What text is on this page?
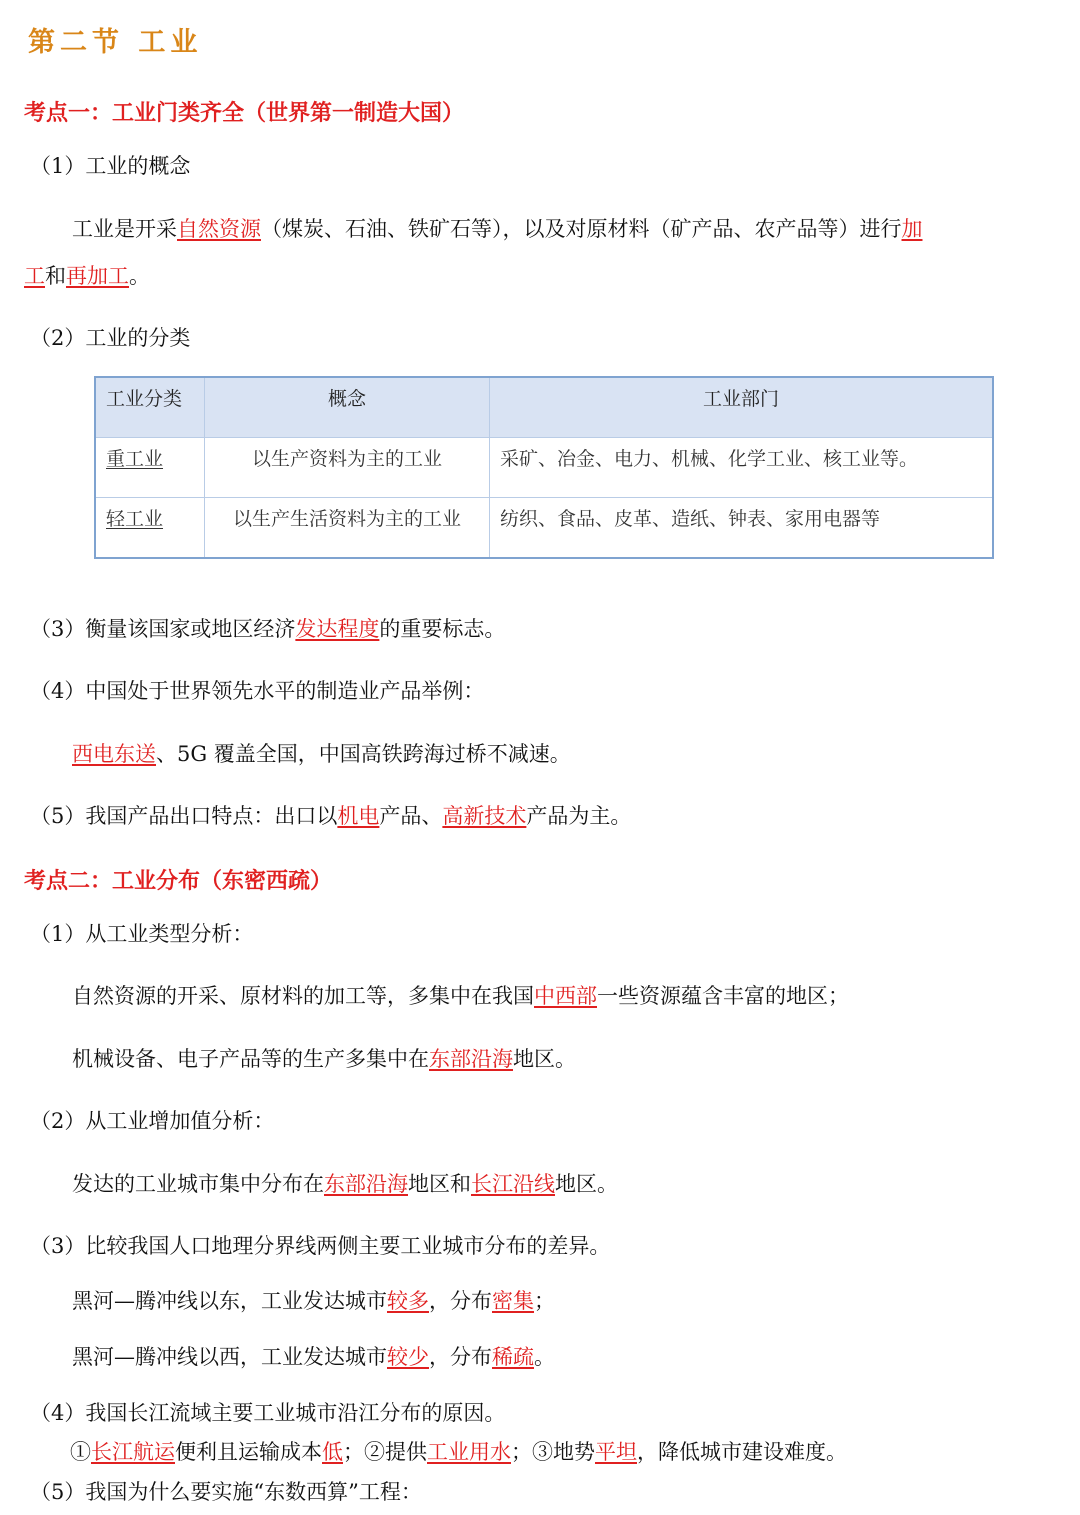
第二节 工业
考点一：工业门类齐全（世界第一制造大国）
（1）工业的概念
工业是开采自然资源（煤炭、石油、铁矿石等），以及对原材料（矿产品、农产品等）进行加
工和再加工。
（2）工业的分类
工业分类	概念	工业部门
重工业	以生产资料为主的工业	采矿、冶金、电力、机械、化学工业、核工业等。
轻工业	以生产生活资料为主的工业	纺织、食品、皮革、造纸、钟表、家用电器等
（3）衡量该国家或地区经济发达程度的重要标志。
（4）中国处于世界领先水平的制造业产品举例：
西电东送、5G 覆盖全国，中国高铁跨海过桥不减速。
（5）我国产品出口特点：出口以机电产品、高新技术产品为主。
考点二：工业分布（东密西疏）
（1）从工业类型分析：
自然资源的开采、原材料的加工等，多集中在我国中西部一些资源蕴含丰富的地区；
机械设备、电子产品等的生产多集中在东部沿海地区。
（2）从工业增加值分析：
发达的工业城市集中分布在东部沿海地区和长江沿线地区。
（3）比较我国人口地理分界线两侧主要工业城市分布的差异。
黑河—腾冲线以东，工业发达城市较多，分布密集；
黑河—腾冲线以西，工业发达城市较少，分布稀疏。
（4）我国长江流域主要工业城市沿江分布的原因。
①长江航运便利且运输成本低；②提供工业用水；③地势平坦，降低城市建设难度。
（5）我国为什么要实施“东数西算”工程：
